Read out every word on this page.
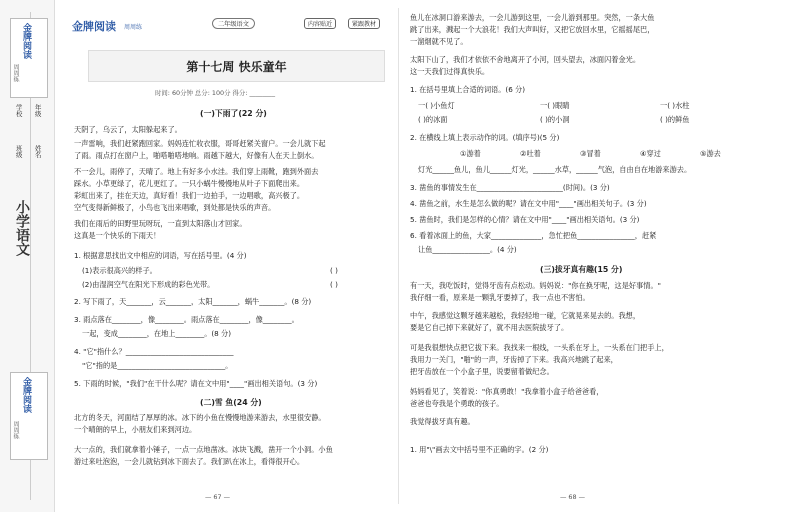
金牌阅读
周周练
年级
姓名
学校
班级
小学语文
金牌阅读
周周练
金牌阅读 周周练	二年级语文	内容贴近	紧跟教材
第十七周 快乐童年
时间: 60分钟 总分: 100分 得分: ________
(一)下雨了(22 分)
天阴了，乌云了，太阳躲起来了。
一声雷响，我们赶紧跑回家。妈妈连忙收衣服，哥哥赶紧关窗户。一会儿就下起
了雨。雨点打在窗户上，啪嗒啪嗒地响。雨越下越大，好像有人在天上倒水。
不一会儿，雨停了，天晴了。地上有好多小水洼。我们穿上雨靴，跑到外面去
踩水。小草更绿了，花儿更红了。一只小蜗牛慢慢地从叶子下面爬出来。
彩虹出来了，挂在天边，真好看！我们一边拍手，一边唱歌，高兴极了。
空气变得新鲜极了，小鸟也飞出来唱歌，到处都是快乐的声音。
我们在雨后的田野里玩呀玩，一直到太阳落山才回家。
这真是一个快乐的下雨天！
1. 根据意思找出文中相应的词语，写在括号里。(4 分)
(1)表示很高兴的样子。	( )
(2)由湿润空气在阳光下形成的彩色光带。	( )
2. 写下雨了，天_______，云_______，太阳_______，蜗牛_______。(8 分)
3. 雨点落在________，像________。雨点落在________，像________。
一起，变成________，在地上________。(8 分)
4. "它"指什么？______________________________
"它"指的是______________________________。
5. 下雨的时候，"我们"在干什么呢？请在文中用"____"画出相关语句。(3 分)
(二)雪 鱼(24 分)
北方的冬天，河面结了厚厚的冰。冰下的小鱼在慢慢地游来游去，水里很安静。
一个晴朗的早上，小朋友们来到河边。
大一点的，我们就拿着小锤子，一点一点地凿冰。冰块飞溅，凿开一个小洞。小鱼
游过来吐泡泡，一会儿就钻到冰下面去了。我们趴在冰上，看得很开心。
— 67 —
鱼儿在冰洞口游来游去，一会儿游到这里，一会儿游到那里。突然，一条大鱼
跳了出来，溅起一个大浪花！我们大声叫好，又把它放回水里，它摇摇尾巴，
一溜烟就不见了。
太阳下山了，我们才依依不舍地离开了小河，回头望去，冰面闪着金光。
这一天我们过得真快乐。
1. 在括号里填上合适的词语。(6 分)
一( )小鱼灯	一( )眼睛	一( )水柱
( )的冰面	( )的小洞	( )的鲜鱼
2. 在横线上填上表示动作的词。(填序号)(5 分)
①游着	②吐着	③冒着	④穿过	⑤游去
灯光______鱼儿，鱼儿______灯光，______水草，______气泡，自由自在地游来游去。
3. 凿鱼的事情发生在________________________(时间)。(3 分)
4. 凿鱼之前，水生是怎么做的呢？请在文中用"____"画出相关句子。(3 分)
5. 凿鱼时，我们是怎样的心情？请在文中用"____"画出相关语句。(3 分)
6. 看着冰面上的鱼，大家______________，急忙把鱼________________，赶紧
让鱼________________。(4 分)
(三)拔牙真有趣(15 分)
有一天，我吃饭时，觉得牙齿有点松动。妈妈说："你在换牙呢，这是好事情。"
我仔细一看，原来是一颗乳牙要掉了，我一点也不害怕。
中午，我感觉这颗牙越来越松，我轻轻地一碰，它就晃来晃去的。我想，
要是它自己掉下来就好了，就不用去医院拔牙了。
可是我很想快点把它拔下来。我找来一根线，一头系在牙上，一头系在门把手上，
我用力一关门，"啪"的一声，牙齿掉了下来。我高兴地跳了起来，
把牙齿放在一个小盒子里，说要留着做纪念。
妈妈看见了，笑着说："你真勇敢！"我拿着小盒子给爸爸看，
爸爸也夸我是个勇敢的孩子。
我觉得拔牙真有趣。
1. 用"\"画去文中括号里不正确的字。(2 分)
— 68 —
